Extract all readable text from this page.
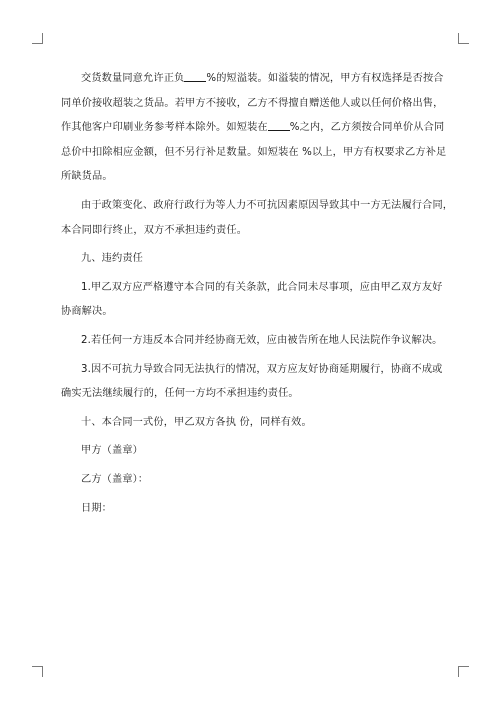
交货数量同意允许正负 %的短溢装。如溢装的情况，甲方有权选择是否按合
同单价接收超装之货品。若甲方不接收，乙方不得擅自赠送他人或以任何价格出售，
作其他客户印刷业务参考样本除外。如短装在 %之内，乙方须按合同单价从合同
总价中扣除相应金额，但不另行补足数量。如短装在 %以上，甲方有权要求乙方补足
所缺货品。
由于政策变化、政府行政行为等人力不可抗因素原因导致其中一方无法履行合同，
本合同即行终止，双方不承担违约责任。
九、违约责任
1.甲乙双方应严格遵守本合同的有关条款，此合同未尽事项，应由甲乙双方友好
协商解决。
2.若任何一方违反本合同并经协商无效，应由被告所在地人民法院作争议解决。
3.因不可抗力导致合同无法执行的情况，双方应友好协商延期履行，协商不成或
确实无法继续履行的，任何一方均不承担违约责任。
十、本合同一式份，甲乙双方各执 份，同样有效。
甲方（盖章）
乙方（盖章）：
日期：
